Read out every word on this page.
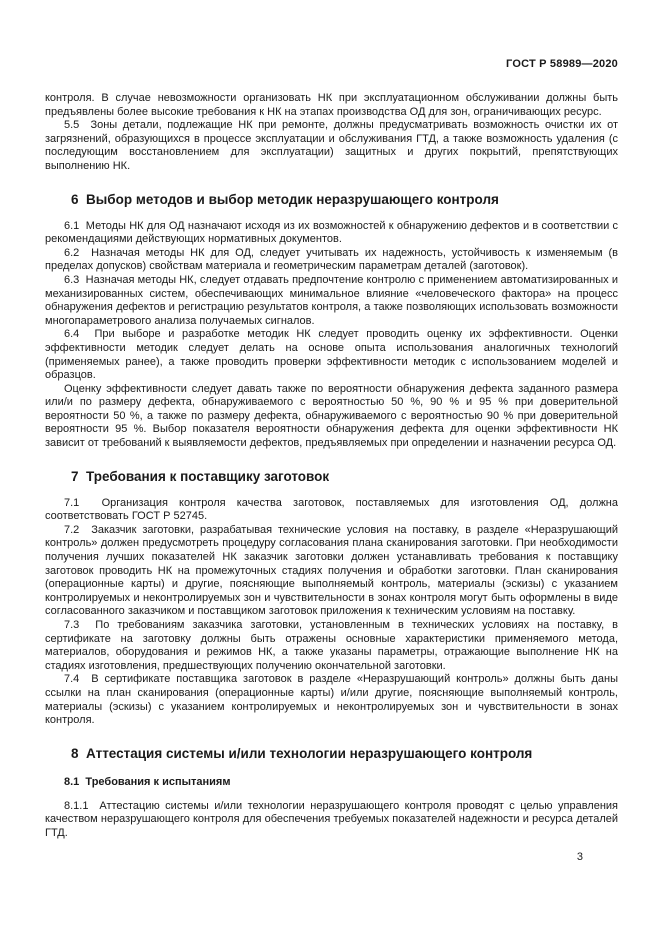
ГОСТ Р 58989—2020

контроля. В случае невозможности организовать НК при эксплуатационном обслуживании должны быть предъявлены более высокие требования к НК на этапах производства ОД для зон, ограничивающих ресурс.

5.5  Зоны детали, подлежащие НК при ремонте, должны предусматривать возможность очистки их от загрязнений, образующихся в процессе эксплуатации и обслуживания ГТД, а также возможность удаления (с последующим восстановлением для эксплуатации) защитных и других покрытий, препятствующих выполнению НК.

6  Выбор методов и выбор методик неразрушающего контроля

6.1  Методы НК для ОД назначают исходя из их возможностей к обнаружению дефектов и в соответствии с рекомендациями действующих нормативных документов.

6.2  Назначая методы НК для ОД, следует учитывать их надежность, устойчивость к изменяемым (в пределах допусков) свойствам материала и геометрическим параметрам деталей (заготовок).

6.3  Назначая методы НК, следует отдавать предпочтение контролю с применением автоматизированных и механизированных систем, обеспечивающих минимальное влияние «человеческого фактора» на процесс обнаружения дефектов и регистрацию результатов контроля, а также позволяющих использовать возможности многопараметрового анализа получаемых сигналов.

6.4  При выборе и разработке методик НК следует проводить оценку их эффективности. Оценки эффективности методик следует делать на основе опыта использования аналогичных технологий (применяемых ранее), а также проводить проверки эффективности методик с использованием моделей и образцов.

Оценку эффективности следует давать также по вероятности обнаружения дефекта заданного размера или/и по размеру дефекта, обнаруживаемого с вероятностью 50 %, 90 % и 95 % при доверительной вероятности 50 %, а также по размеру дефекта, обнаруживаемого с вероятностью 90 % при доверительной вероятности 95 %. Выбор показателя вероятности обнаружения дефекта для оценки эффективности НК зависит от требований к выявляемости дефектов, предъявляемых при определении и назначении ресурса ОД.

7  Требования к поставщику заготовок

7.1  Организация контроля качества заготовок, поставляемых для изготовления ОД, должна соответствовать ГОСТ Р 52745.

7.2  Заказчик заготовки, разрабатывая технические условия на поставку, в разделе «Неразрушающий контроль» должен предусмотреть процедуру согласования плана сканирования заготовки. При необходимости получения лучших показателей НК заказчик заготовки должен устанавливать требования к поставщику заготовок проводить НК на промежуточных стадиях получения и обработки заготовки. План сканирования (операционные карты) и другие, поясняющие выполняемый контроль, материалы (эскизы) с указанием контролируемых и неконтролируемых зон и чувствительности в зонах контроля могут быть оформлены в виде согласованного заказчиком и поставщиком заготовок приложения к техническим условиям на поставку.

7.3  По требованиям заказчика заготовки, установленным в технических условиях на поставку, в сертификате на заготовку должны быть отражены основные характеристики применяемого метода, материалов, оборудования и режимов НК, а также указаны параметры, отражающие выполнение НК на стадиях изготовления, предшествующих получению окончательной заготовки.

7.4  В сертификате поставщика заготовок в разделе «Неразрушающий контроль» должны быть даны ссылки на план сканирования (операционные карты) и/или другие, поясняющие выполняемый контроль, материалы (эскизы) с указанием контролируемых и неконтролируемых зон и чувствительности в зонах контроля.

8  Аттестация системы и/или технологии неразрушающего контроля
8.1  Требования к испытаниям

8.1.1  Аттестацию системы и/или технологии неразрушающего контроля проводят с целью управления качеством неразрушающего контроля для обеспечения требуемых показателей надежности и ресурса деталей ГТД.

3
